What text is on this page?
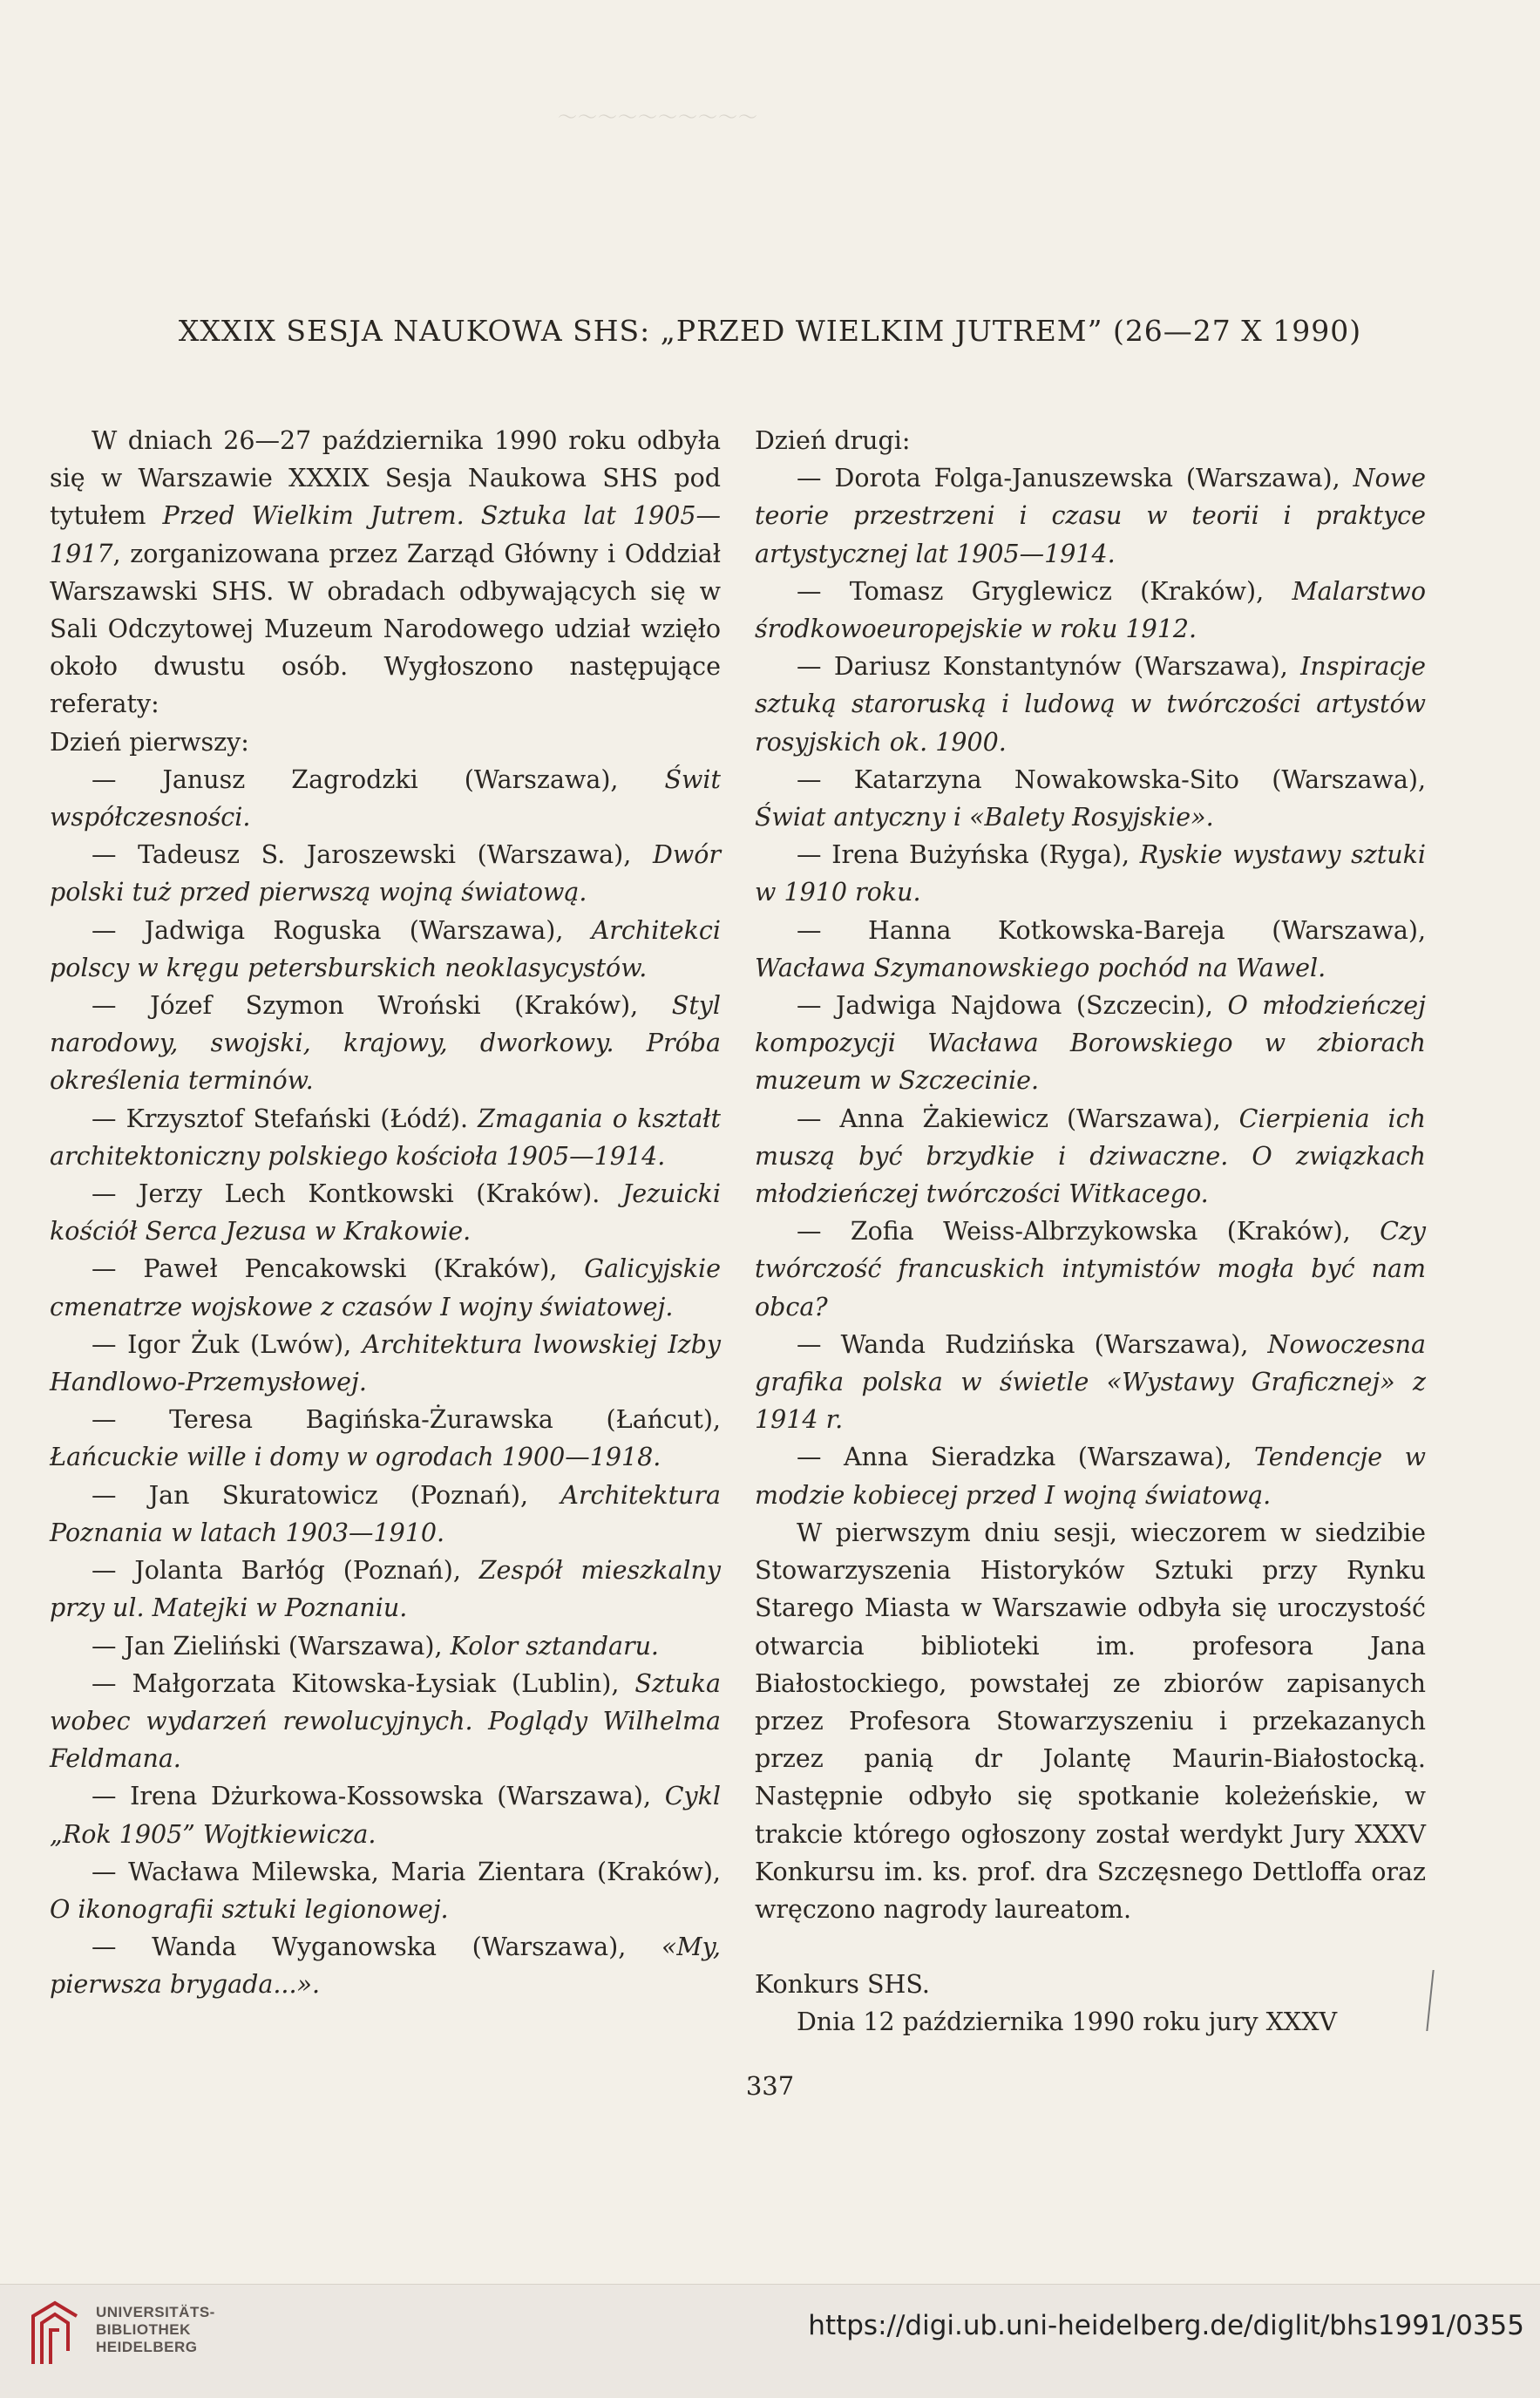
～～～～～～～～～～
XXXIX SESJA NAUKOWA SHS: „PRZED WIELKIM JUTREM” (26—27 X 1990)

W dniach 26—27 października 1990 roku odbyła się w Warszawie XXXIX Sesja Naukowa SHS pod tytułem Przed Wielkim Jutrem. Sztuka lat 1905—1917, zorganizowana przez Zarząd Główny i Oddział Warszawski SHS. W obradach odbywających się w Sali Odczytowej Muzeum Narodowego udział wzięło około dwustu osób. Wygłoszono następujące referaty:

Dzień pierwszy:

— Janusz Zagrodzki (Warszawa), Świt współczesności.

— Tadeusz S. Jaroszewski (Warszawa), Dwór polski tuż przed pierwszą wojną światową.

— Jadwiga Roguska (Warszawa), Architekci polscy w kręgu petersburskich neoklasycystów.

— Józef Szymon Wroński (Kraków), Styl narodowy, swojski, krajowy, dworkowy. Próba określenia terminów.

— Krzysztof Stefański (Łódź). Zmagania o kształt architektoniczny polskiego kościoła 1905—1914.

— Jerzy Lech Kontkowski (Kraków). Jezuicki kościół Serca Jezusa w Krakowie.

— Paweł Pencakowski (Kraków), Galicyjskie cmenatrze wojskowe z czasów I wojny światowej.

— Igor Żuk (Lwów), Architektura lwowskiej Izby Handlowo-Przemysłowej.

— Teresa Bagińska-Żurawska (Łańcut), Łańcuckie wille i domy w ogrodach 1900—1918.

— Jan Skuratowicz (Poznań), Architektura Poznania w latach 1903—1910.

— Jolanta Barłóg (Poznań), Zespół mieszkalny przy ul. Matejki w Poznaniu.

— Jan Zieliński (Warszawa), Kolor sztandaru.

— Małgorzata Kitowska-Łysiak (Lublin), Sztuka wobec wydarzeń rewolucyjnych. Poglądy Wilhelma Feldmana.

— Irena Dżurkowa-Kossowska (Warszawa), Cykl „Rok 1905” Wojtkiewicza.

— Wacława Milewska, Maria Zientara (Kraków), O ikonografii sztuki legionowej.

— Wanda Wyganowska (Warszawa), «My, pierwsza brygada...».

Dzień drugi:

— Dorota Folga-Januszewska (Warszawa), Nowe teorie przestrzeni i czasu w teorii i praktyce artystycznej lat 1905—1914.

— Tomasz Gryglewicz (Kraków), Malarstwo środkowoeuropejskie w roku 1912.

— Dariusz Konstantynów (Warszawa), Inspiracje sztuką staroruską i ludową w twórczości artystów rosyjskich ok. 1900.

— Katarzyna Nowakowska-Sito (Warszawa), Świat antyczny i «Balety Rosyjskie».

— Irena Bużyńska (Ryga), Ryskie wystawy sztuki w 1910 roku.

— Hanna Kotkowska-Bareja (Warszawa), Wacława Szymanowskiego pochód na Wawel.

— Jadwiga Najdowa (Szczecin), O młodzieńczej kompozycji Wacława Borowskiego w zbiorach muzeum w Szczecinie.

— Anna Żakiewicz (Warszawa), Cierpienia ich muszą być brzydkie i dziwaczne. O związkach młodzieńczej twórczości Witkacego.

— Zofia Weiss-Albrzykowska (Kraków), Czy twórczość francuskich intymistów mogła być nam obca?

— Wanda Rudzińska (Warszawa), Nowoczesna grafika polska w świetle «Wystawy Graficznej» z 1914 r.

— Anna Sieradzka (Warszawa), Tendencje w modzie kobiecej przed I wojną światową.

W pierwszym dniu sesji, wieczorem w siedzibie Stowarzyszenia Historyków Sztuki przy Rynku Starego Miasta w Warszawie odbyła się uroczystość otwarcia biblioteki im. profesora Jana Białostockiego, powstałej ze zbiorów zapisanych przez Profesora Stowarzyszeniu i przekazanych przez panią dr Jolantę Maurin-Białostocką. Następnie odbyło się spotkanie koleżeńskie, w trakcie którego ogłoszony został werdykt Jury XXXV Konkursu im. ks. prof. dra Szczęsnego Dettloffa oraz wręczono nagrody laureatom.

Konkurs SHS.

Dnia 12 października 1990 roku jury XXXV

337
UNIVERSITÄTS-
BIBLIOTHEK
HEIDELBERG
https://digi.ub.uni-heidelberg.de/diglit/bhs1991/0355
